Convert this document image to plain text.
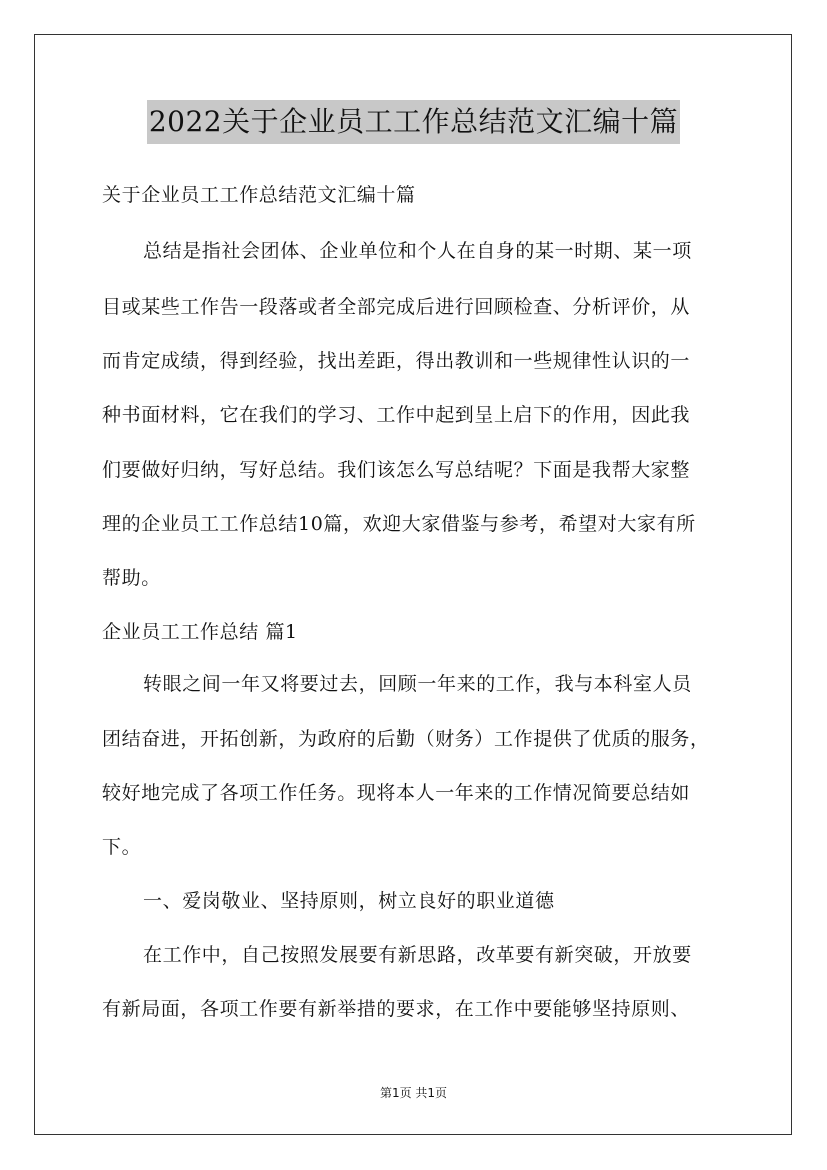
2022关于企业员工工作总结范文汇编十篇
关于企业员工工作总结范文汇编十篇
总结是指社会团体、企业单位和个人在自身的某一时期、某一项
目或某些工作告一段落或者全部完成后进行回顾检查、分析评价，从
而肯定成绩，得到经验，找出差距，得出教训和一些规律性认识的一
种书面材料，它在我们的学习、工作中起到呈上启下的作用，因此我
们要做好归纳，写好总结。我们该怎么写总结呢？下面是我帮大家整
理的企业员工工作总结10篇，欢迎大家借鉴与参考，希望对大家有所
帮助。
企业员工工作总结 篇1
转眼之间一年又将要过去，回顾一年来的工作，我与本科室人员
团结奋进，开拓创新，为政府的后勤（财务）工作提供了优质的服务，
较好地完成了各项工作任务。现将本人一年来的工作情况简要总结如
下。
一、爱岗敬业、坚持原则，树立良好的职业道德
在工作中，自己按照发展要有新思路，改革要有新突破，开放要
有新局面，各项工作要有新举措的要求，在工作中要能够坚持原则、
第1页 共1页
